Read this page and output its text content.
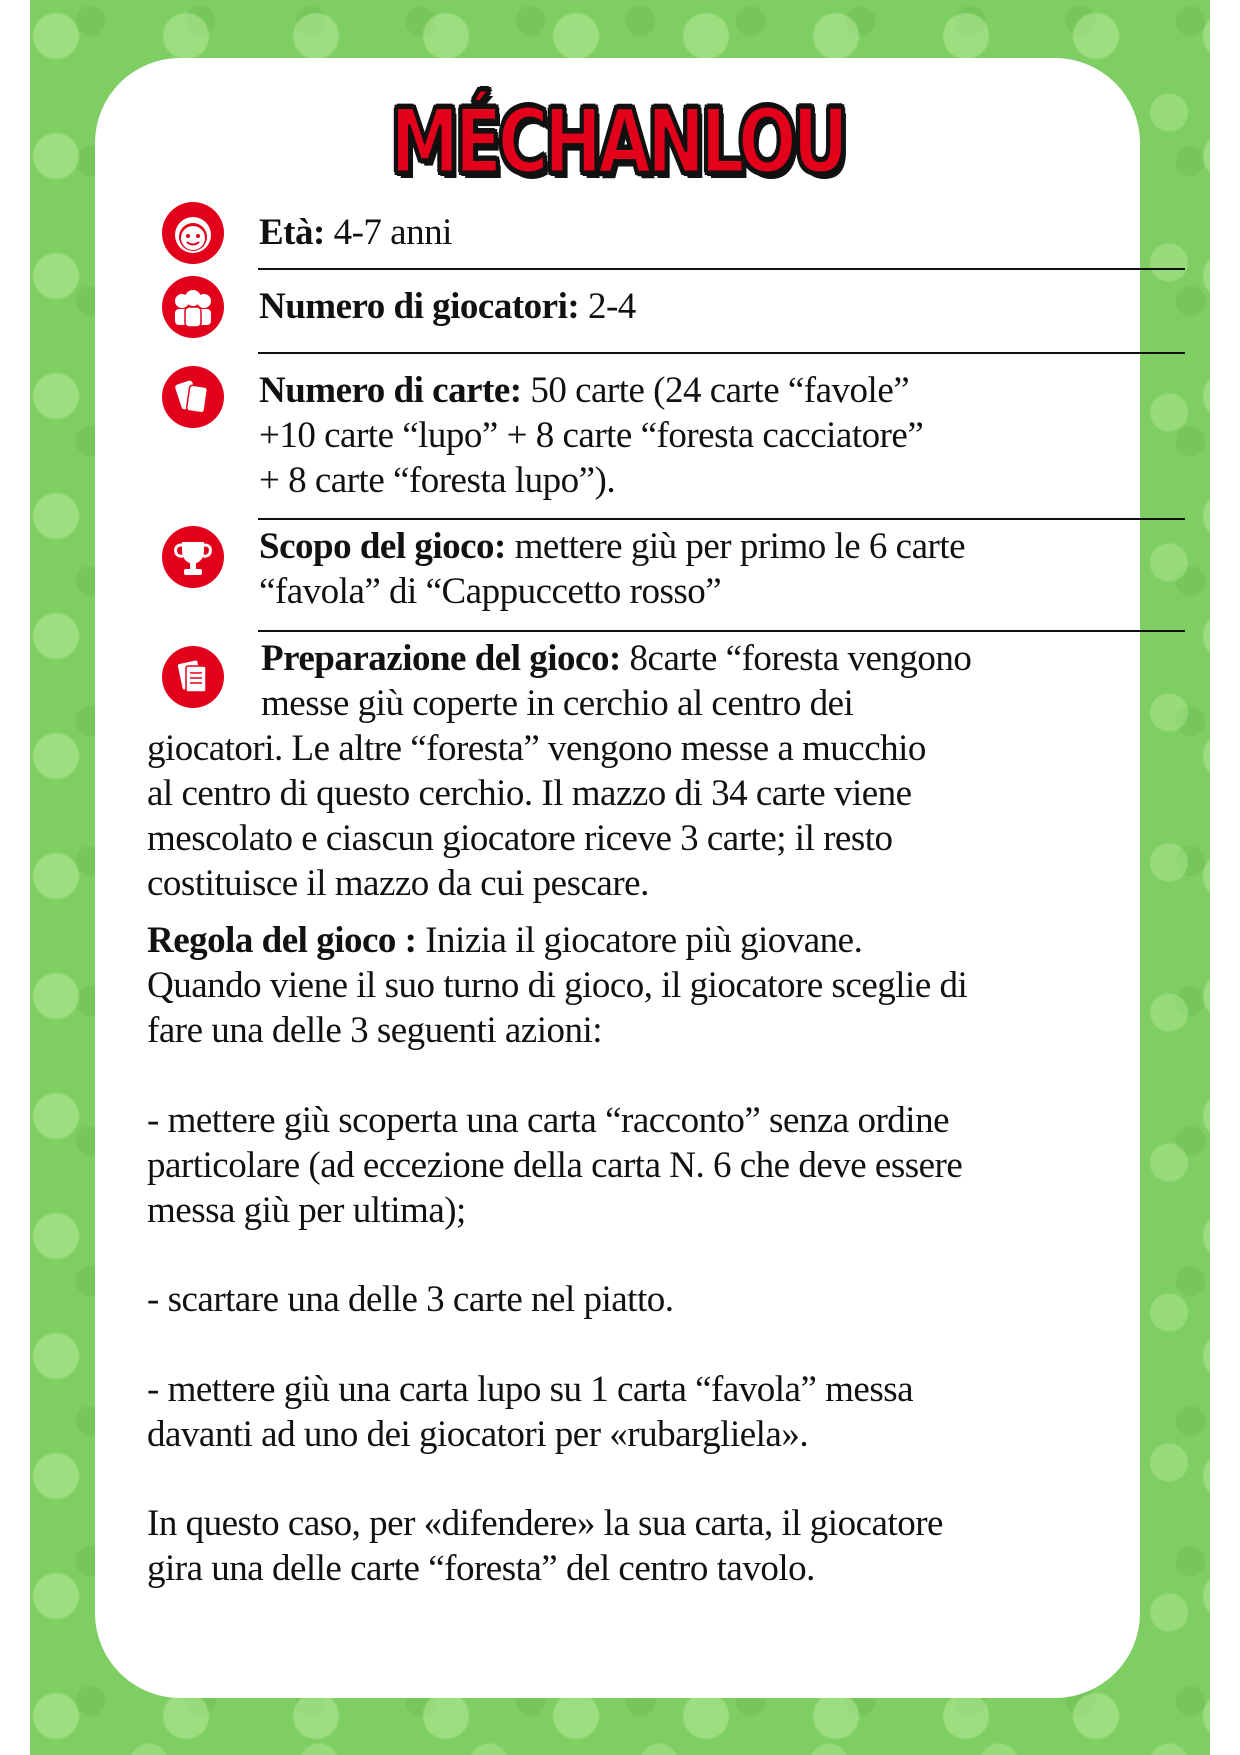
MÉCHANLOU
Età: 4-7 anni
Numero di giocatori: 2-4
Numero di carte: 50 carte (24 carte “favole”
+10 carte “lupo” + 8 carte “foresta cacciatore”
+ 8 carte “foresta lupo”).
Scopo del gioco: mettere giù per primo le 6 carte
“favola” di “Cappuccetto rosso”
Preparazione del gioco: 8carte “foresta vengono
messe giù coperte in cerchio al centro dei
giocatori. Le altre “foresta” vengono messe a mucchio
al centro di questo cerchio. Il mazzo di 34 carte viene
mescolato e ciascun giocatore riceve 3 carte; il resto
costituisce il mazzo da cui pescare.
Regola del gioco : Inizia il giocatore più giovane.
Quando viene il suo turno di gioco, il giocatore sceglie di
fare una delle 3 seguenti azioni:
- mettere giù scoperta una carta “racconto” senza ordine
particolare (ad eccezione della carta N. 6 che deve essere
messa giù per ultima);
- scartare una delle 3 carte nel piatto.
- mettere giù una carta lupo su 1 carta “favola” messa
davanti ad uno dei giocatori per «rubargliela».
In questo caso, per «difendere» la sua carta, il giocatore
gira una delle carte “foresta” del centro tavolo.
